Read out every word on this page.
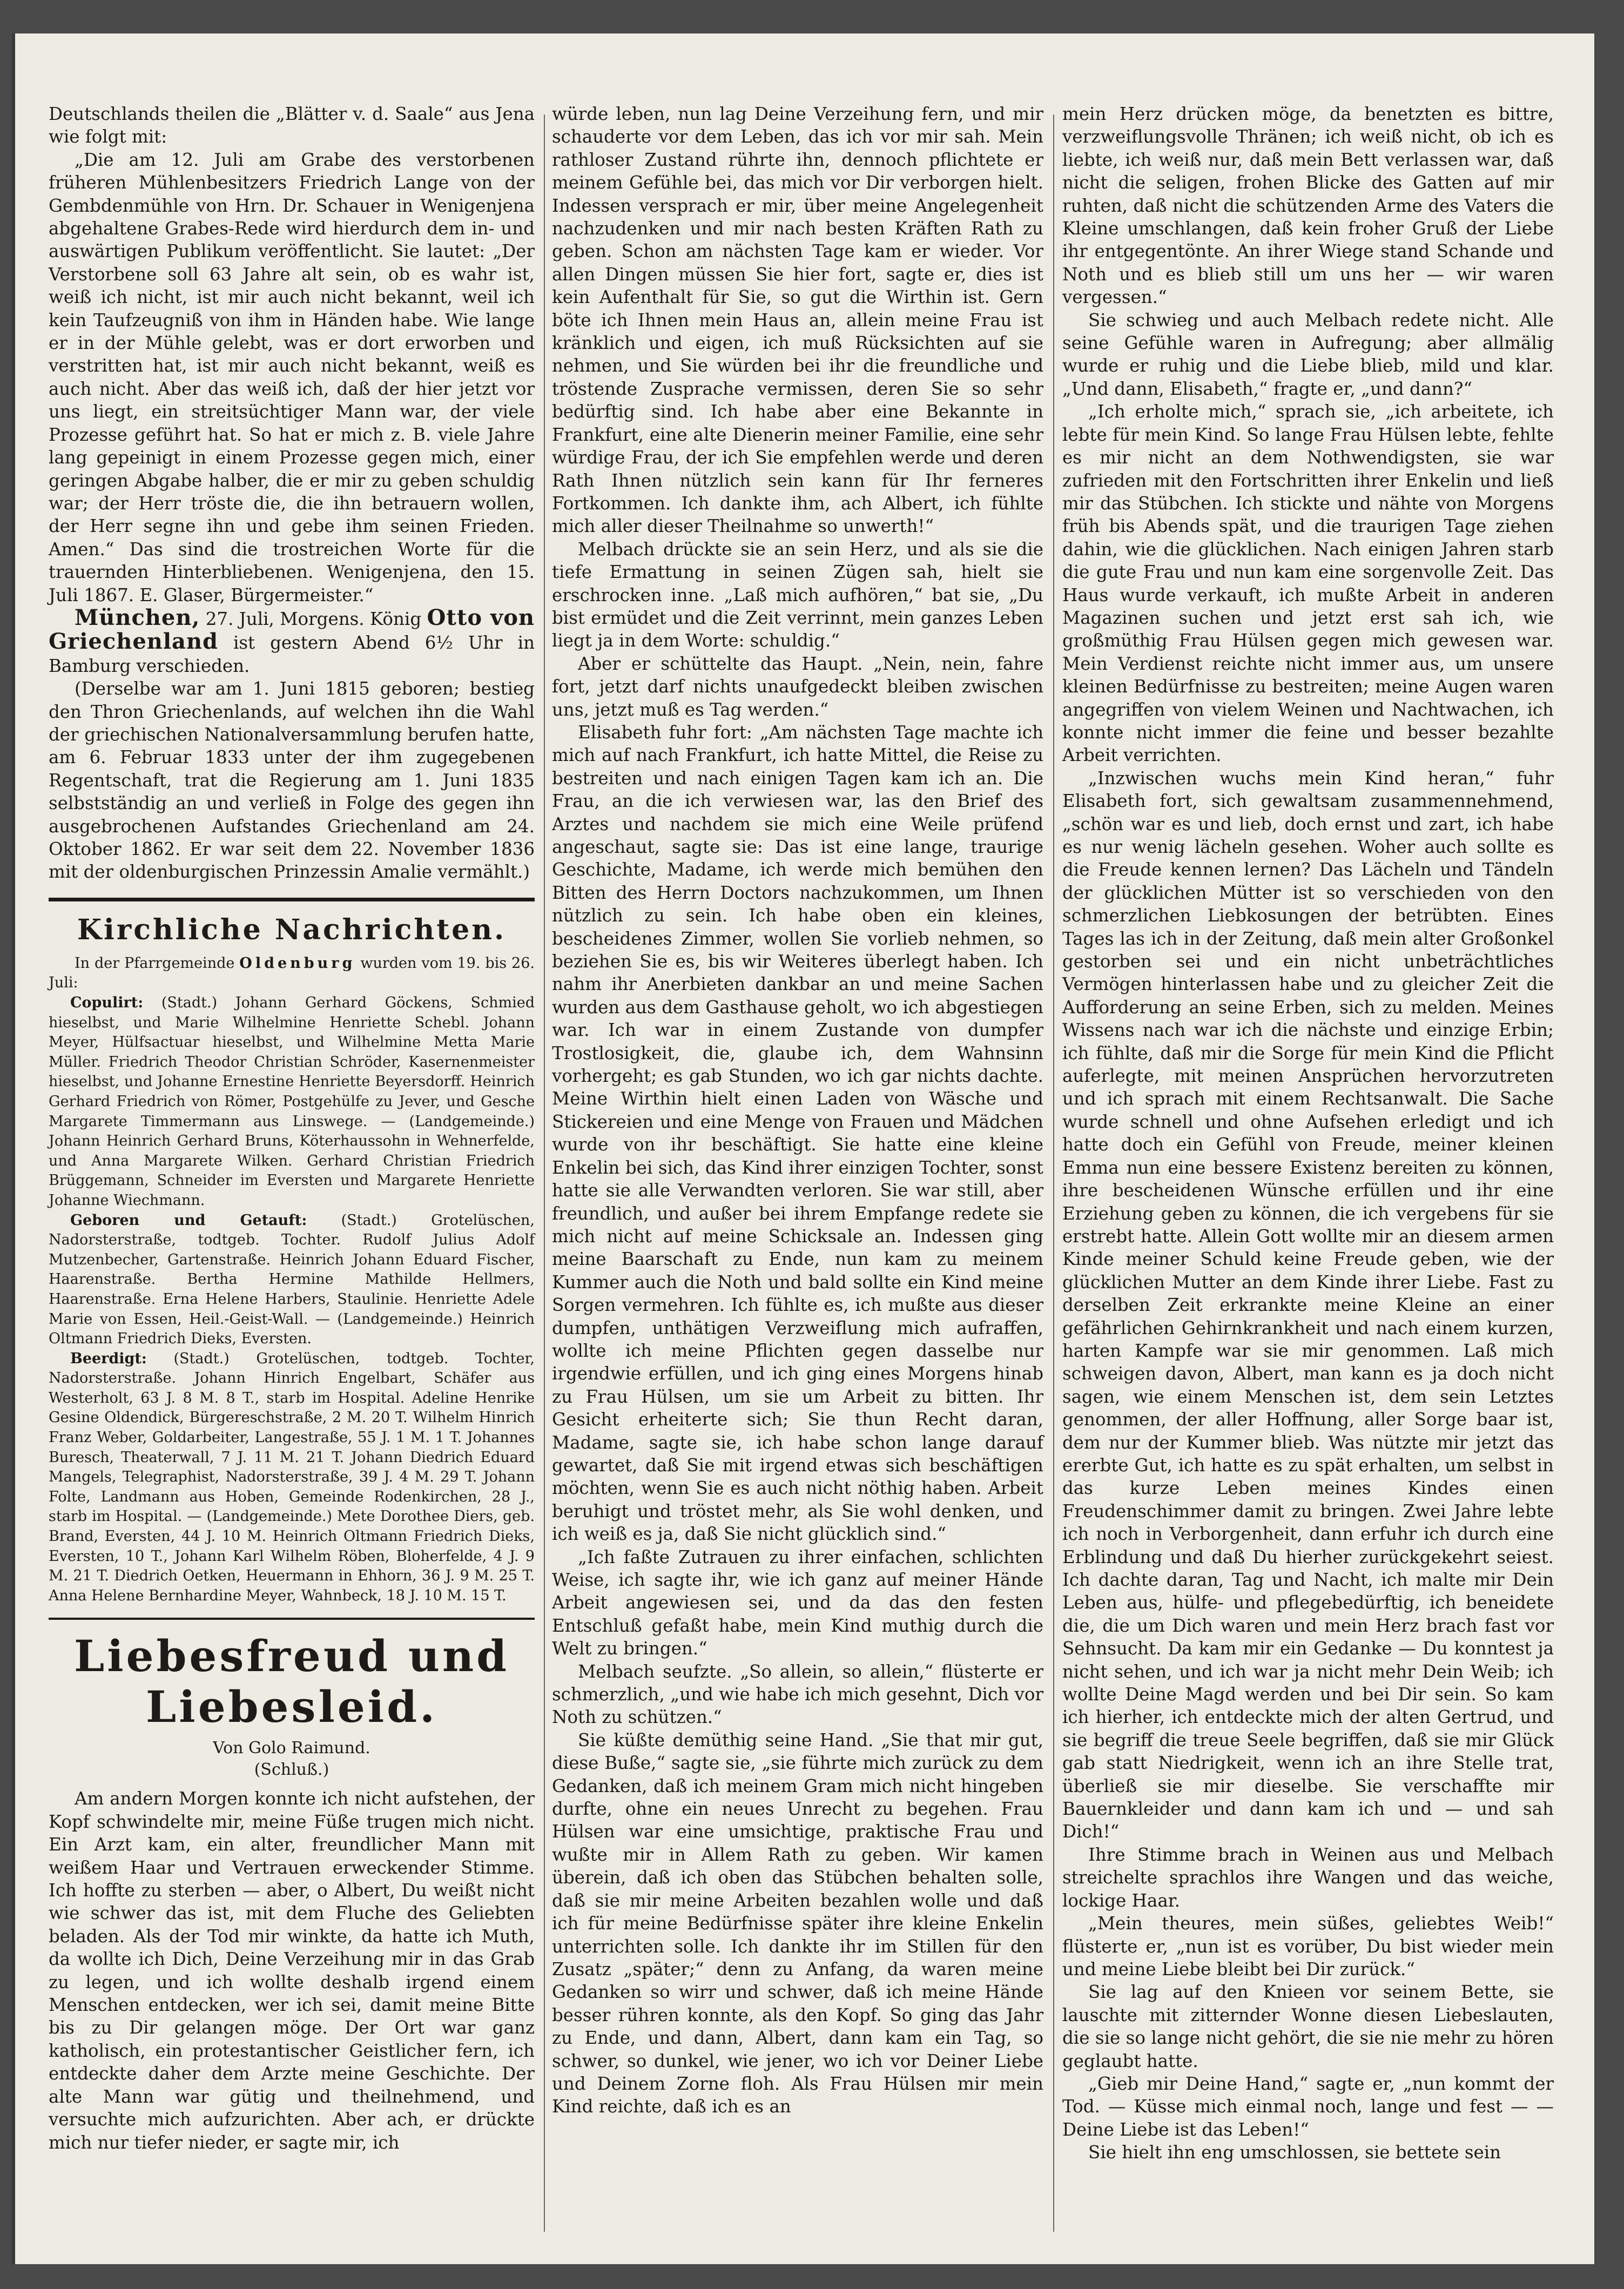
Deutschlands theilen die „Blätter v. d. Saale“ aus Jena wie folgt mit:

„Die am 12. Juli am Grabe des verstorbenen früheren Mühlenbesitzers Friedrich Lange von der Gembdenmühle von Hrn. Dr. Schauer in Wenigenjena abgehaltene Grabes-Rede wird hierdurch dem in- und auswärtigen Publikum veröffentlicht. Sie lautet: „Der Verstorbene soll 63 Jahre alt sein, ob es wahr ist, weiß ich nicht, ist mir auch nicht bekannt, weil ich kein Taufzeugniß von ihm in Händen habe. Wie lange er in der Mühle gelebt, was er dort erworben und verstritten hat, ist mir auch nicht bekannt, weiß es auch nicht. Aber das weiß ich, daß der hier jetzt vor uns liegt, ein streitsüchtiger Mann war, der viele Prozesse geführt hat. So hat er mich z. B. viele Jahre lang gepeinigt in einem Prozesse gegen mich, einer geringen Abgabe halber, die er mir zu geben schuldig war; der Herr tröste die, die ihn betrauern wollen, der Herr segne ihn und gebe ihm seinen Frieden. Amen.“ Das sind die trostreichen Worte für die trauernden Hinterbliebenen. Wenigenjena, den 15. Juli 1867. E. Glaser, Bürgermeister.“

München, 27. Juli, Morgens. König Otto von Griechenland ist gestern Abend 6½ Uhr in Bamburg verschieden.

(Derselbe war am 1. Juni 1815 geboren; bestieg den Thron Griechenlands, auf welchen ihn die Wahl der griechischen Nationalversammlung berufen hatte, am 6. Februar 1833 unter der ihm zugegebenen Regentschaft, trat die Regierung am 1. Juni 1835 selbstständig an und verließ in Folge des gegen ihn ausgebrochenen Aufstandes Griechenland am 24. Oktober 1862. Er war seit dem 22. November 1836 mit der oldenburgischen Prinzessin Amalie vermählt.)

Kirchliche Nachrichten.

In der Pfarrgemeinde Oldenburg wurden vom 19. bis 26. Juli:

Copulirt: (Stadt.) Johann Gerhard Göckens, Schmied hieselbst, und Marie Wilhelmine Henriette Schebl. Johann Meyer, Hülfsactuar hieselbst, und Wilhelmine Metta Marie Müller. Friedrich Theodor Christian Schröder, Kasernenmeister hieselbst, und Johanne Ernestine Henriette Beyersdorff. Heinrich Gerhard Friedrich von Römer, Postgehülfe zu Jever, und Gesche Margarete Timmermann aus Linswege. — (Landgemeinde.) Johann Heinrich Gerhard Bruns, Köterhaussohn in Wehnerfelde, und Anna Margarete Wilken. Gerhard Christian Friedrich Brüggemann, Schneider im Eversten und Margarete Henriette Johanne Wiechmann.

Geboren und Getauft: (Stadt.) Grotelüschen, Nadorsterstraße, todtgeb. Tochter. Rudolf Julius Adolf Mutzenbecher, Gartenstraße. Heinrich Johann Eduard Fischer, Haarenstraße. Bertha Hermine Mathilde Hellmers, Haarenstraße. Erna Helene Harbers, Staulinie. Henriette Adele Marie von Essen, Heil.-Geist-Wall. — (Landgemeinde.) Heinrich Oltmann Friedrich Dieks, Eversten.

Beerdigt: (Stadt.) Grotelüschen, todtgeb. Tochter, Nadorsterstraße. Johann Hinrich Engelbart, Schäfer aus Westerholt, 63 J. 8 M. 8 T., starb im Hospital. Adeline Henrike Gesine Oldendick, Bürgereschstraße, 2 M. 20 T. Wilhelm Hinrich Franz Weber, Goldarbeiter, Langestraße, 55 J. 1 M. 1 T. Johannes Buresch, Theaterwall, 7 J. 11 M. 21 T. Johann Diedrich Eduard Mangels, Telegraphist, Nadorsterstraße, 39 J. 4 M. 29 T. Johann Folte, Landmann aus Hoben, Gemeinde Rodenkirchen, 28 J., starb im Hospital. — (Landgemeinde.) Mete Dorothee Diers, geb. Brand, Eversten, 44 J. 10 M. Heinrich Oltmann Friedrich Dieks, Eversten, 10 T., Johann Karl Wilhelm Röben, Bloherfelde, 4 J. 9 M. 21 T. Diedrich Oetken, Heuermann in Ehhorn, 36 J. 9 M. 25 T. Anna Helene Bernhardine Meyer, Wahnbeck, 18 J. 10 M. 15 T.

Liebesfreud und Liebesleid.
Von Golo Raimund.
(Schluß.)

Am andern Morgen konnte ich nicht aufstehen, der Kopf schwindelte mir, meine Füße trugen mich nicht. Ein Arzt kam, ein alter, freundlicher Mann mit weißem Haar und Vertrauen erweckender Stimme. Ich hoffte zu sterben — aber, o Albert, Du weißt nicht wie schwer das ist, mit dem Fluche des Geliebten beladen. Als der Tod mir winkte, da hatte ich Muth, da wollte ich Dich, Deine Verzeihung mir in das Grab zu legen, und ich wollte deshalb irgend einem Menschen entdecken, wer ich sei, damit meine Bitte bis zu Dir gelangen möge. Der Ort war ganz katholisch, ein protestantischer Geistlicher fern, ich entdeckte daher dem Arzte meine Geschichte. Der alte Mann war gütig und theilnehmend, und versuchte mich aufzurichten. Aber ach, er drückte mich nur tiefer nieder, er sagte mir, ich

würde leben, nun lag Deine Verzeihung fern, und mir schauderte vor dem Leben, das ich vor mir sah. Mein rathloser Zustand rührte ihn, dennoch pflichtete er meinem Gefühle bei, das mich vor Dir verborgen hielt. Indessen versprach er mir, über meine Angelegenheit nachzudenken und mir nach besten Kräften Rath zu geben. Schon am nächsten Tage kam er wieder. Vor allen Dingen müssen Sie hier fort, sagte er, dies ist kein Aufenthalt für Sie, so gut die Wirthin ist. Gern böte ich Ihnen mein Haus an, allein meine Frau ist kränklich und eigen, ich muß Rücksichten auf sie nehmen, und Sie würden bei ihr die freundliche und tröstende Zusprache vermissen, deren Sie so sehr bedürftig sind. Ich habe aber eine Bekannte in Frankfurt, eine alte Dienerin meiner Familie, eine sehr würdige Frau, der ich Sie empfehlen werde und deren Rath Ihnen nützlich sein kann für Ihr ferneres Fortkommen. Ich dankte ihm, ach Albert, ich fühlte mich aller dieser Theilnahme so unwerth!“

Melbach drückte sie an sein Herz, und als sie die tiefe Ermattung in seinen Zügen sah, hielt sie erschrocken inne. „Laß mich aufhören,“ bat sie, „Du bist ermüdet und die Zeit verrinnt, mein ganzes Leben liegt ja in dem Worte: schuldig.“

Aber er schüttelte das Haupt. „Nein, nein, fahre fort, jetzt darf nichts unaufgedeckt bleiben zwischen uns, jetzt muß es Tag werden.“

Elisabeth fuhr fort: „Am nächsten Tage machte ich mich auf nach Frankfurt, ich hatte Mittel, die Reise zu bestreiten und nach einigen Tagen kam ich an. Die Frau, an die ich verwiesen war, las den Brief des Arztes und nachdem sie mich eine Weile prüfend angeschaut, sagte sie: Das ist eine lange, traurige Geschichte, Madame, ich werde mich bemühen den Bitten des Herrn Doctors nachzukommen, um Ihnen nützlich zu sein. Ich habe oben ein kleines, bescheidenes Zimmer, wollen Sie vorlieb nehmen, so beziehen Sie es, bis wir Weiteres überlegt haben. Ich nahm ihr Anerbieten dankbar an und meine Sachen wurden aus dem Gasthause geholt, wo ich abgestiegen war. Ich war in einem Zustande von dumpfer Trostlosigkeit, die, glaube ich, dem Wahnsinn vorhergeht; es gab Stunden, wo ich gar nichts dachte. Meine Wirthin hielt einen Laden von Wäsche und Stickereien und eine Menge von Frauen und Mädchen wurde von ihr beschäftigt. Sie hatte eine kleine Enkelin bei sich, das Kind ihrer einzigen Tochter, sonst hatte sie alle Verwandten verloren. Sie war still, aber freundlich, und außer bei ihrem Empfange redete sie mich nicht auf meine Schicksale an. Indessen ging meine Baarschaft zu Ende, nun kam zu meinem Kummer auch die Noth und bald sollte ein Kind meine Sorgen vermehren. Ich fühlte es, ich mußte aus dieser dumpfen, unthätigen Verzweiflung mich aufraffen, wollte ich meine Pflichten gegen dasselbe nur irgendwie erfüllen, und ich ging eines Morgens hinab zu Frau Hülsen, um sie um Arbeit zu bitten. Ihr Gesicht erheiterte sich; Sie thun Recht daran, Madame, sagte sie, ich habe schon lange darauf gewartet, daß Sie mit irgend etwas sich beschäftigen möchten, wenn Sie es auch nicht nöthig haben. Arbeit beruhigt und tröstet mehr, als Sie wohl denken, und ich weiß es ja, daß Sie nicht glücklich sind.“

„Ich faßte Zutrauen zu ihrer einfachen, schlichten Weise, ich sagte ihr, wie ich ganz auf meiner Hände Arbeit angewiesen sei, und da das den festen Entschluß gefaßt habe, mein Kind muthig durch die Welt zu bringen.“

Melbach seufzte. „So allein, so allein,“ flüsterte er schmerzlich, „und wie habe ich mich gesehnt, Dich vor Noth zu schützen.“

Sie küßte demüthig seine Hand. „Sie that mir gut, diese Buße,“ sagte sie, „sie führte mich zurück zu dem Gedanken, daß ich meinem Gram mich nicht hingeben durfte, ohne ein neues Unrecht zu begehen. Frau Hülsen war eine umsichtige, praktische Frau und wußte mir in Allem Rath zu geben. Wir kamen überein, daß ich oben das Stübchen behalten solle, daß sie mir meine Arbeiten bezahlen wolle und daß ich für meine Bedürfnisse später ihre kleine Enkelin unterrichten solle. Ich dankte ihr im Stillen für den Zusatz „später;“ denn zu Anfang, da waren meine Gedanken so wirr und schwer, daß ich meine Hände besser rühren konnte, als den Kopf. So ging das Jahr zu Ende, und dann, Albert, dann kam ein Tag, so schwer, so dunkel, wie jener, wo ich vor Deiner Liebe und Deinem Zorne floh. Als Frau Hülsen mir mein Kind reichte, daß ich es an

mein Herz drücken möge, da benetzten es bittre, verzweiflungsvolle Thränen; ich weiß nicht, ob ich es liebte, ich weiß nur, daß mein Bett verlassen war, daß nicht die seligen, frohen Blicke des Gatten auf mir ruhten, daß nicht die schützenden Arme des Vaters die Kleine umschlangen, daß kein froher Gruß der Liebe ihr entgegentönte. An ihrer Wiege stand Schande und Noth und es blieb still um uns her — wir waren vergessen.“

Sie schwieg und auch Melbach redete nicht. Alle seine Gefühle waren in Aufregung; aber allmälig wurde er ruhig und die Liebe blieb, mild und klar. „Und dann, Elisabeth,“ fragte er, „und dann?“

„Ich erholte mich,“ sprach sie, „ich arbeitete, ich lebte für mein Kind. So lange Frau Hülsen lebte, fehlte es mir nicht an dem Nothwendigsten, sie war zufrieden mit den Fortschritten ihrer Enkelin und ließ mir das Stübchen. Ich stickte und nähte von Morgens früh bis Abends spät, und die traurigen Tage ziehen dahin, wie die glücklichen. Nach einigen Jahren starb die gute Frau und nun kam eine sorgenvolle Zeit. Das Haus wurde verkauft, ich mußte Arbeit in anderen Magazinen suchen und jetzt erst sah ich, wie großmüthig Frau Hülsen gegen mich gewesen war. Mein Verdienst reichte nicht immer aus, um unsere kleinen Bedürfnisse zu bestreiten; meine Augen waren angegriffen von vielem Weinen und Nachtwachen, ich konnte nicht immer die feine und besser bezahlte Arbeit verrichten.

„Inzwischen wuchs mein Kind heran,“ fuhr Elisabeth fort, sich gewaltsam zusammennehmend, „schön war es und lieb, doch ernst und zart, ich habe es nur wenig lächeln gesehen. Woher auch sollte es die Freude kennen lernen? Das Lächeln und Tändeln der glücklichen Mütter ist so verschieden von den schmerzlichen Liebkosungen der betrübten. Eines Tages las ich in der Zeitung, daß mein alter Großonkel gestorben sei und ein nicht unbeträchtliches Vermögen hinterlassen habe und zu gleicher Zeit die Aufforderung an seine Erben, sich zu melden. Meines Wissens nach war ich die nächste und einzige Erbin; ich fühlte, daß mir die Sorge für mein Kind die Pflicht auferlegte, mit meinen Ansprüchen hervorzutreten und ich sprach mit einem Rechtsanwalt. Die Sache wurde schnell und ohne Aufsehen erledigt und ich hatte doch ein Gefühl von Freude, meiner kleinen Emma nun eine bessere Existenz bereiten zu können, ihre bescheidenen Wünsche erfüllen und ihr eine Erziehung geben zu können, die ich vergebens für sie erstrebt hatte. Allein Gott wollte mir an diesem armen Kinde meiner Schuld keine Freude geben, wie der glücklichen Mutter an dem Kinde ihrer Liebe. Fast zu derselben Zeit erkrankte meine Kleine an einer gefährlichen Gehirnkrankheit und nach einem kurzen, harten Kampfe war sie mir genommen. Laß mich schweigen davon, Albert, man kann es ja doch nicht sagen, wie einem Menschen ist, dem sein Letztes genommen, der aller Hoffnung, aller Sorge baar ist, dem nur der Kummer blieb. Was nützte mir jetzt das ererbte Gut, ich hatte es zu spät erhalten, um selbst in das kurze Leben meines Kindes einen Freudenschimmer damit zu bringen. Zwei Jahre lebte ich noch in Verborgenheit, dann erfuhr ich durch eine Erblindung und daß Du hierher zurückgekehrt seiest. Ich dachte daran, Tag und Nacht, ich malte mir Dein Leben aus, hülfe- und pflegebedürftig, ich beneidete die, die um Dich waren und mein Herz brach fast vor Sehnsucht. Da kam mir ein Gedanke — Du konntest ja nicht sehen, und ich war ja nicht mehr Dein Weib; ich wollte Deine Magd werden und bei Dir sein. So kam ich hierher, ich entdeckte mich der alten Gertrud, und sie begriff die treue Seele begriffen, daß sie mir Glück gab statt Niedrigkeit, wenn ich an ihre Stelle trat, überließ sie mir dieselbe. Sie verschaffte mir Bauernkleider und dann kam ich und — und sah Dich!“

Ihre Stimme brach in Weinen aus und Melbach streichelte sprachlos ihre Wangen und das weiche, lockige Haar.

„Mein theures, mein süßes, geliebtes Weib!“ flüsterte er, „nun ist es vorüber, Du bist wieder mein und meine Liebe bleibt bei Dir zurück.“

Sie lag auf den Knieen vor seinem Bette, sie lauschte mit zitternder Wonne diesen Liebeslauten, die sie so lange nicht gehört, die sie nie mehr zu hören geglaubt hatte.

„Gieb mir Deine Hand,“ sagte er, „nun kommt der Tod. — Küsse mich einmal noch, lange und fest — — Deine Liebe ist das Leben!“

Sie hielt ihn eng umschlossen, sie bettete sein
